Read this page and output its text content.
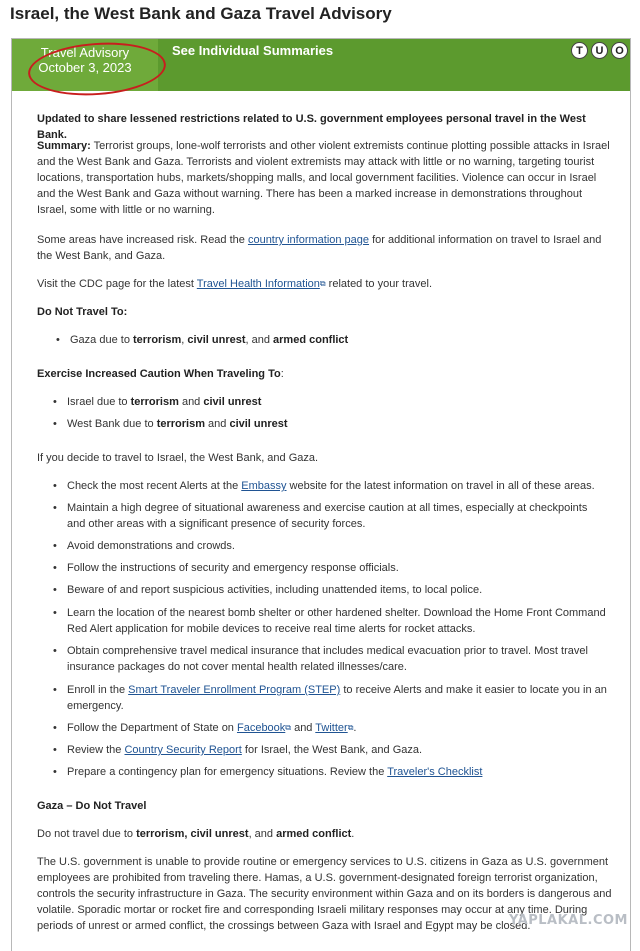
Israel, the West Bank and Gaza Travel Advisory
Travel Advisory
October 3, 2023
See Individual Summaries	T	U	O

Updated to share lessened restrictions related to U.S. government employees personal travel in the West Bank.

Summary: Terrorist groups, lone-wolf terrorists and other violent extremists continue plotting possible attacks in Israel and the West Bank and Gaza. Terrorists and violent extremists may attack with little or no warning, targeting tourist locations, transportation hubs, markets/shopping malls, and local government facilities. Violence can occur in Israel and the West Bank and Gaza without warning. There has been a marked increase in demonstrations throughout Israel, some with little or no warning.

Some areas have increased risk. Read the country information page for additional information on travel to Israel and the West Bank, and Gaza.

Visit the CDC page for the latest Travel Health Information⧉ related to your travel.

Do Not Travel To:

• Gaza due to terrorism, civil unrest, and armed conflict

Exercise Increased Caution When Traveling To:

• Israel due to terrorism and civil unrest
• West Bank due to terrorism and civil unrest

If you decide to travel to Israel, the West Bank, and Gaza.

• Check the most recent Alerts at the Embassy website for the latest information on travel in all of these areas.
• Maintain a high degree of situational awareness and exercise caution at all times, especially at checkpoints and other areas with a significant presence of security forces.
• Avoid demonstrations and crowds.
• Follow the instructions of security and emergency response officials.
• Beware of and report suspicious activities, including unattended items, to local police.
• Learn the location of the nearest bomb shelter or other hardened shelter. Download the Home Front Command Red Alert application for mobile devices to receive real time alerts for rocket attacks.
• Obtain comprehensive travel medical insurance that includes medical evacuation prior to travel. Most travel insurance packages do not cover mental health related illnesses/care.
• Enroll in the Smart Traveler Enrollment Program (STEP) to receive Alerts and make it easier to locate you in an emergency.
• Follow the Department of State on Facebook⧉ and Twitter⧉.
• Review the Country Security Report for Israel, the West Bank, and Gaza.
• Prepare a contingency plan for emergency situations. Review the Traveler's Checklist

Gaza – Do Not Travel

Do not travel due to terrorism, civil unrest, and armed conflict.

The U.S. government is unable to provide routine or emergency services to U.S. citizens in Gaza as U.S. government employees are prohibited from traveling there. Hamas, a U.S. government-designated foreign terrorist organization, controls the security infrastructure in Gaza. The security environment within Gaza and on its borders is dangerous and volatile. Sporadic mortar or rocket fire and corresponding Israeli military responses may occur at any time. During periods of unrest or armed conflict, the crossings between Gaza with Israel and Egypt may be closed.

YAPLAKAL.COM
